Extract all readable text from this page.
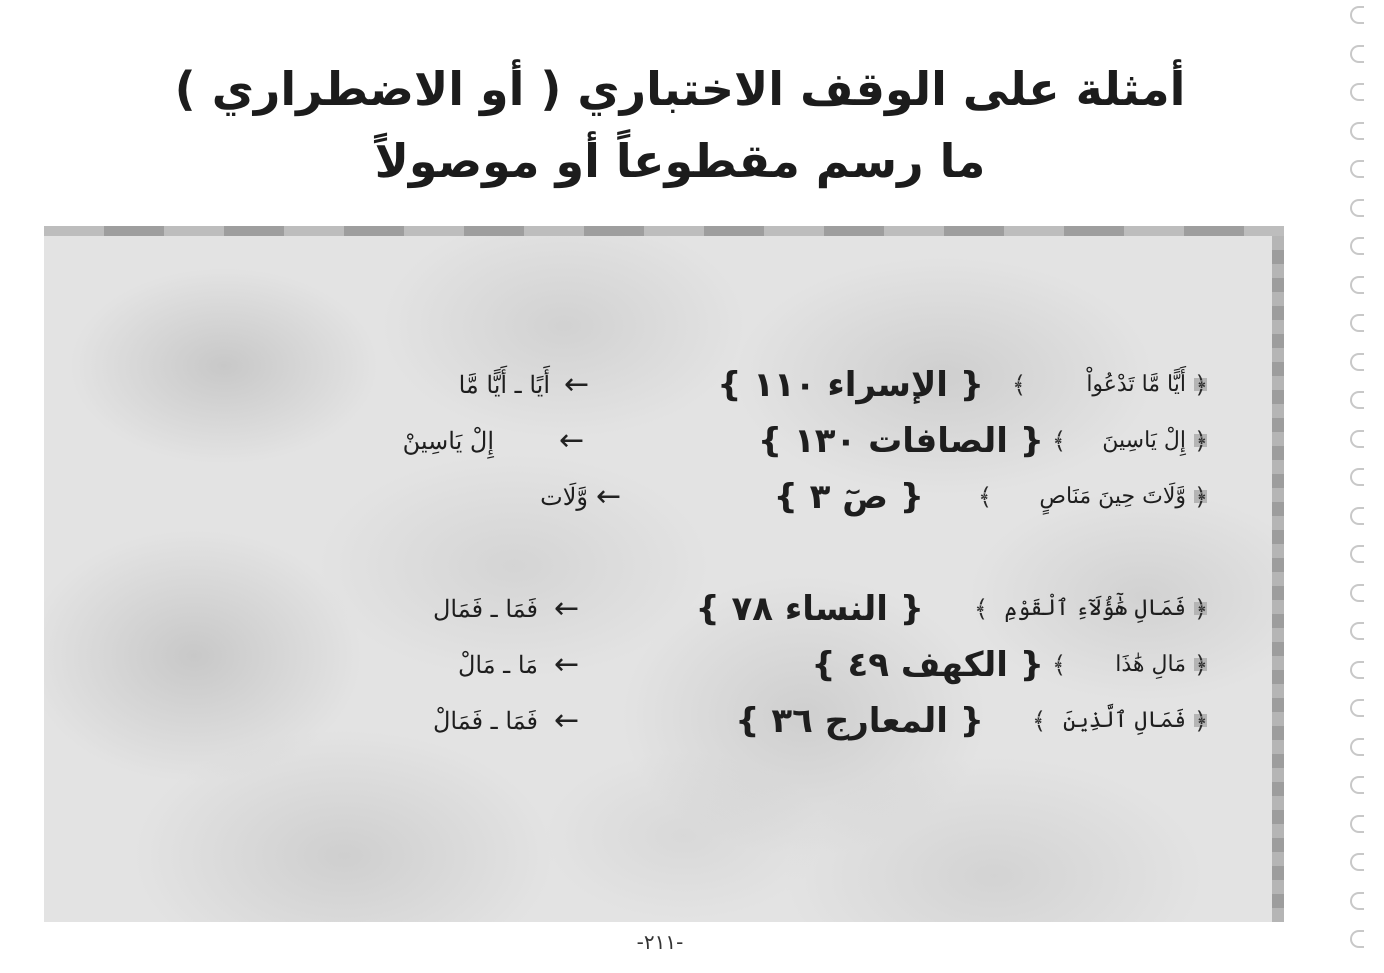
أمثلة على الوقف الاختباري ( أو الاضطراري )
ما رسم مقطوعاً أو موصولاً
﴿
أَيًّا مَّا تَدْعُواْ
﴾
{ الإسراء ١١٠ }
←
أَيًا ـ أَيًّا مَّا
﴿
إِلْ يَاسِينَ
﴾
{ الصافات ١٣٠ }
←
إِلْ يَاسِينْ
﴿
وَّلَاتَ حِينَ مَنَاصٍ
﴾
{ صٓ ٣ }
←
وَّلَات
﴿
فَمَالِ هَٰٓؤُلَآءِ ٱلْقَوْمِ
﴾
{ النساء ٧٨ }
←
فَمَا ـ فَمَال
﴿
مَالِ هَٰذَا
﴾
{ الكهف ٤٩ }
←
مَا ـ مَالْ
﴿
فَمَالِ ٱلَّذِينَ
﴾
{ المعارج ٣٦ }
←
فَمَا ـ فَمَالْ
-٢١١-
